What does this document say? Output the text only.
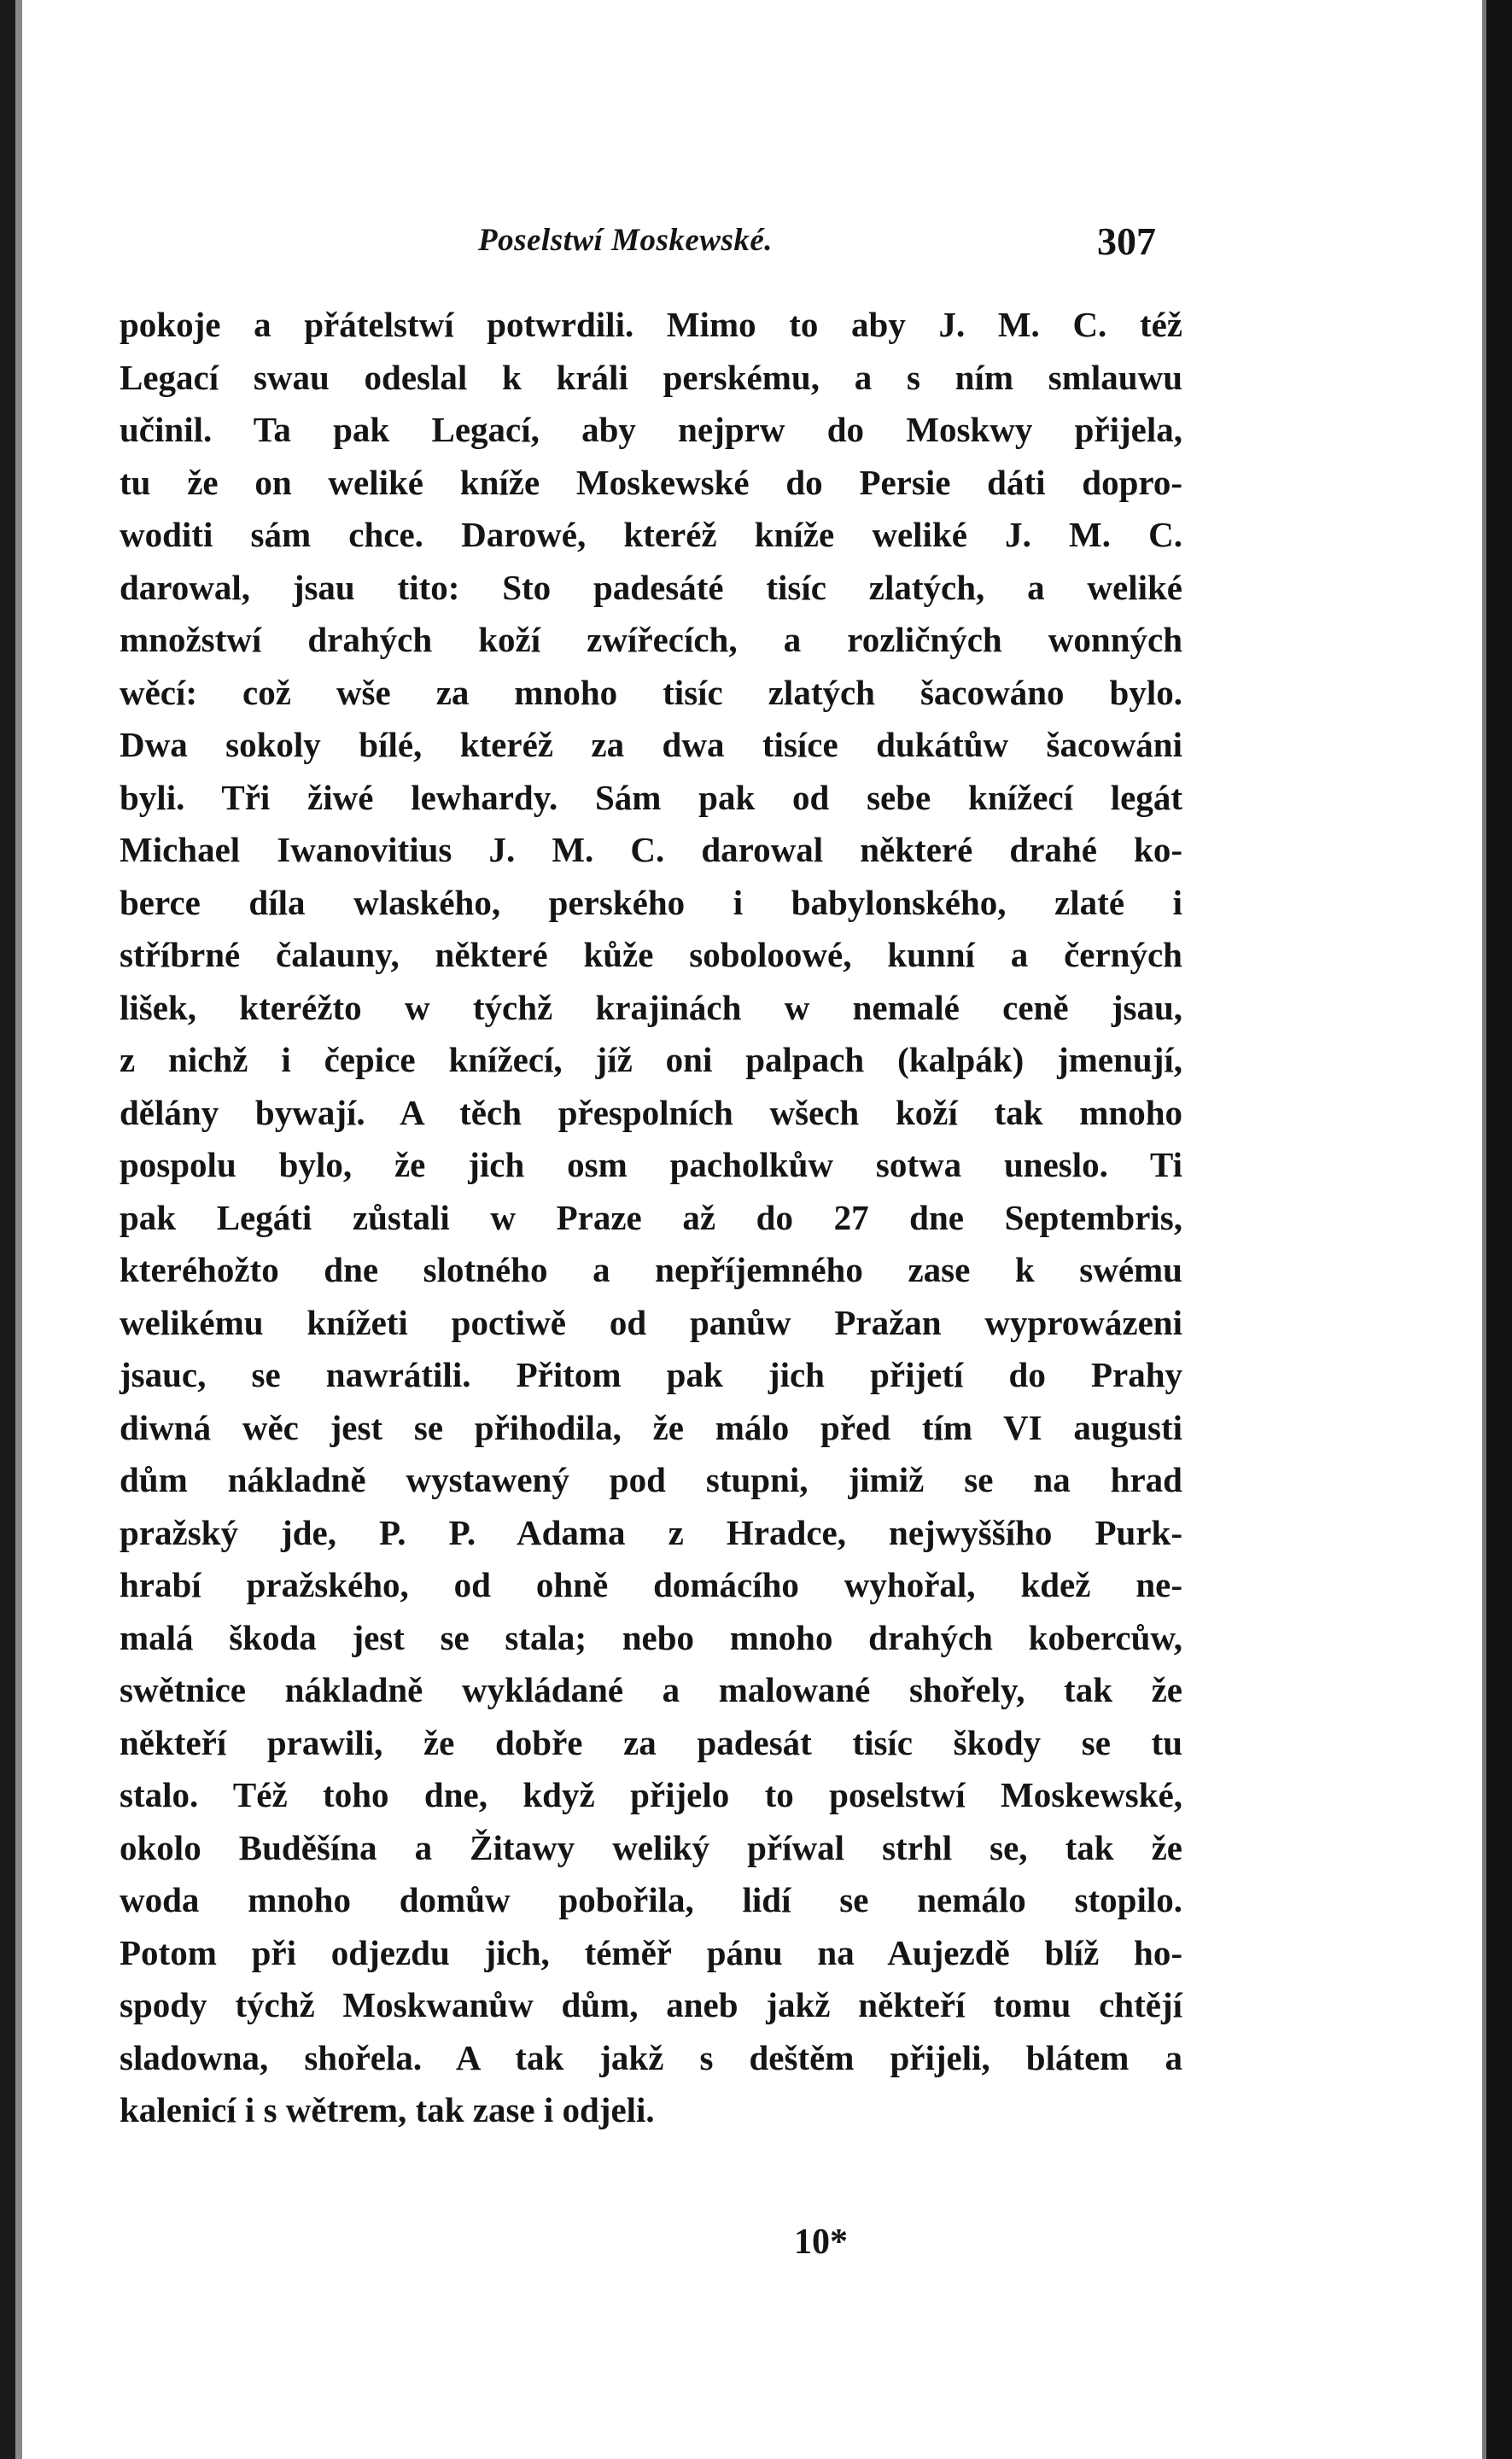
Poselstwí Moskewské.	307
pokoje a přátelstwí potwrdili. Mimo to aby J. M. C. též
Legací swau odeslal k králi perskému, a s ním smlauwu
učinil. Ta pak Legací, aby nejprw do Moskwy přijela,
tu že on weliké kníže Moskewské do Persie dáti dopro-
woditi sám chce. Darowé, kteréž kníže weliké J. M. C.
darowal, jsau tito: Sto padesáté tisíc zlatých, a weliké
množstwí drahých koží zwířecích, a rozličných wonných
wěcí: což wše za mnoho tisíc zlatých šacowáno bylo.
Dwa sokoly bílé, kteréž za dwa tisíce dukátůw šacowáni
byli. Tři žiwé lewhardy. Sám pak od sebe knížecí legát
Michael Iwanovitius J. M. C. darowal některé drahé ko-
berce díla wlaského, perského i babylonského, zlaté i
stříbrné čalauny, některé kůže soboloowé, kunní a černých
lišek, kteréžto w týchž krajinách w nemalé ceně jsau,
z nichž i čepice knížecí, jíž oni palpach (kalpák) jmenují,
dělány bywají. A těch přespolních wšech koží tak mnoho
pospolu bylo, že jich osm pacholkůw sotwa uneslo. Ti
pak Legáti zůstali w Praze až do 27 dne Septembris,
kteréhožto dne slotného a nepříjemného zase k swému
welikému knížeti poctiwě od panůw Pražan wyprowázeni
jsauc, se nawrátili. Přitom pak jich přijetí do Prahy
diwná wěc jest se přihodila, že málo před tím VI augusti
dům nákladně wystawený pod stupni, jimiž se na hrad
pražský jde, P. P. Adama z Hradce, nejwyššího Purk-
hrabí pražského, od ohně domácího wyhořal, kdež ne-
malá škoda jest se stala; nebo mnoho drahých kobercůw,
swětnice nákladně wykládané a malowané shořely, tak že
někteří prawili, že dobře za padesát tisíc škody se tu
stalo. Též toho dne, když přijelo to poselstwí Moskewské,
okolo Buděšína a Žitawy weliký příwal strhl se, tak že
woda mnoho domůw pobořila, lidí se nemálo stopilo.
Potom při odjezdu jich, téměř pánu na Aujezdě blíž ho-
spody týchž Moskwanůw dům, aneb jakž někteří tomu chtějí
sladowna, shořela. A tak jakž s deštěm přijeli, blátem a
kalenicí i s wětrem, tak zase i odjeli.
10*
